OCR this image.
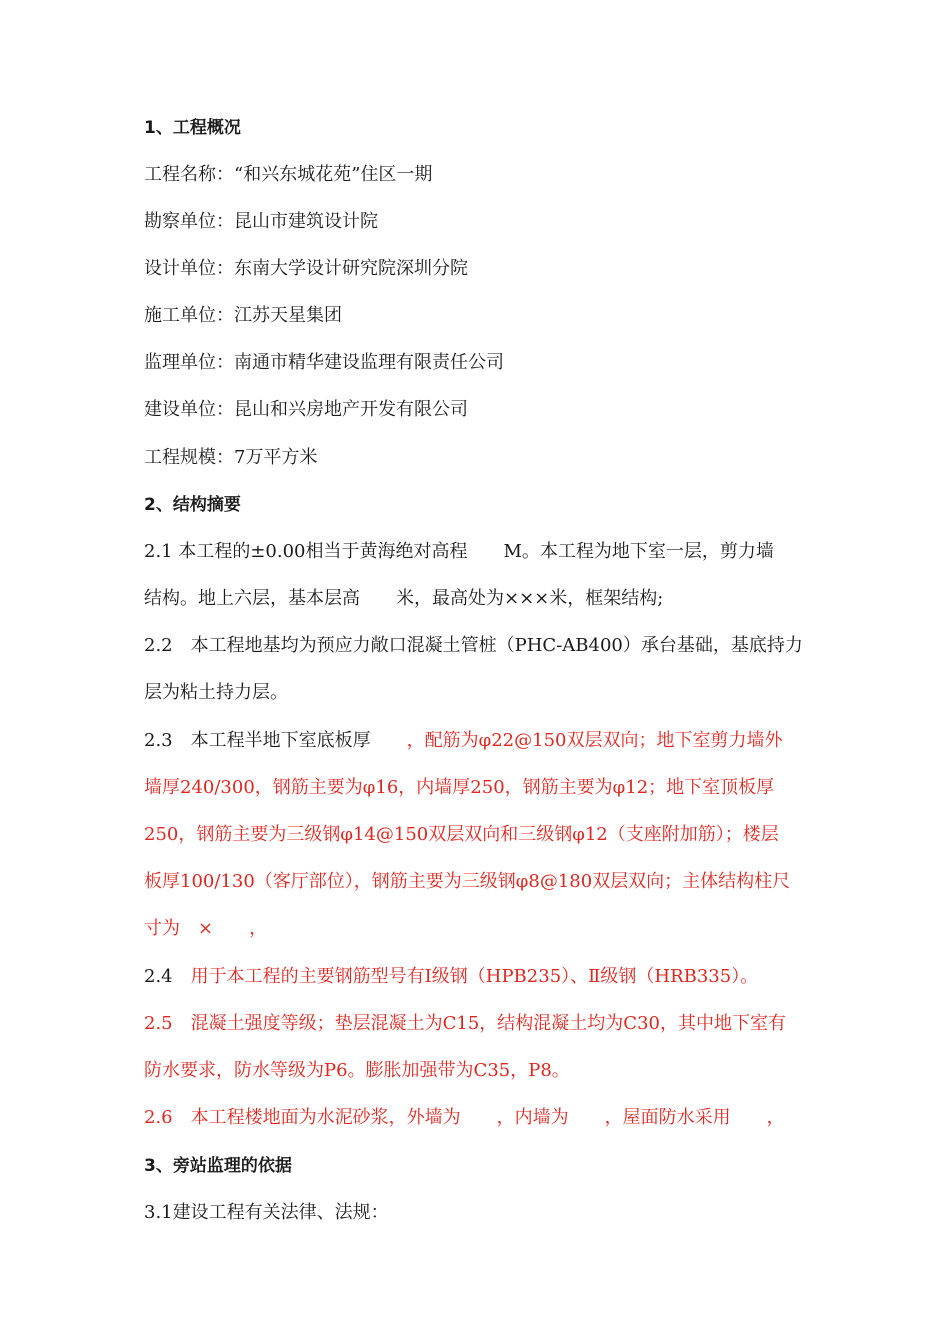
1、工程概况
工程名称：“和兴东城花苑”住区一期
勘察单位：昆山市建筑设计院
设计单位：东南大学设计研究院深圳分院
施工单位：江苏天星集团
监理单位：南通市精华建设监理有限责任公司
建设单位：昆山和兴房地产开发有限公司
工程规模：7万平方米
2、结构摘要
2.1 本工程的±0.00相当于黄海绝对高程　　M。本工程为地下室一层，剪力墙
结构。地上六层，基本层高　　米，最高处为×××米，框架结构;
2.2　本工程地基均为预应力敞口混凝土管桩（PHC-AB400）承台基础，基底持力
层为粘土持力层。
2.3　本工程半地下室底板厚　　，配筋为φ22@150双层双向；地下室剪力墙外
墙厚240/300，钢筋主要为φ16，内墙厚250，钢筋主要为φ12；地下室顶板厚
250，钢筋主要为三级钢φ14@150双层双向和三级钢φ12（支座附加筋）；楼层
板厚100/130（客厅部位），钢筋主要为三级钢φ8@180双层双向；主体结构柱尺
寸为　×　　，
2.4　用于本工程的主要钢筋型号有Ⅰ级钢（HPB235）、Ⅱ级钢（HRB335）。
2.5　混凝土强度等级；垫层混凝土为C15，结构混凝土均为C30，其中地下室有
防水要求，防水等级为P6。膨胀加强带为C35，P8。
2.6　本工程楼地面为水泥砂浆，外墙为　　，内墙为　　，屋面防水采用　　，
3、旁站监理的依据
3.1建设工程有关法律、法规：
